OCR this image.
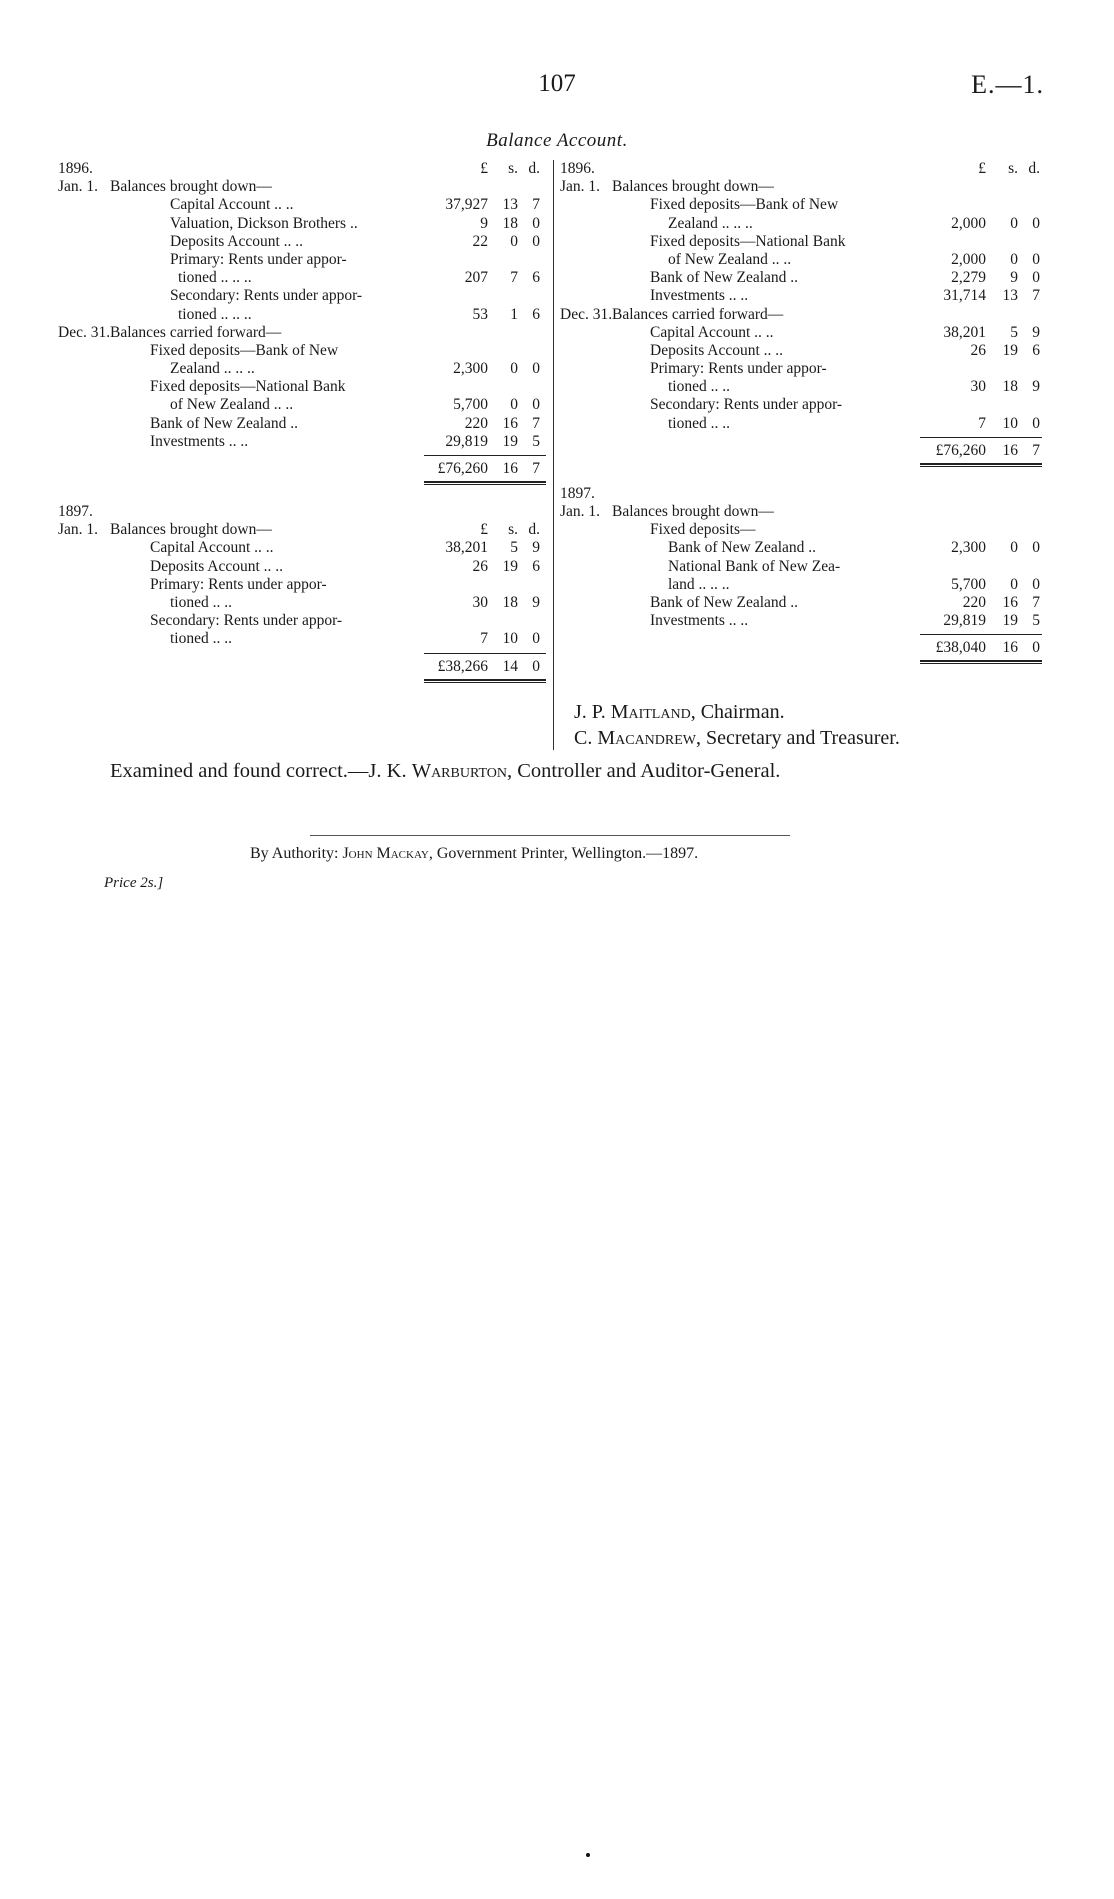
107	E.—1.
Balance Account.
1896.	£	s. d.
Jan. 1. Balances brought down—
Capital Account .. ..	37,927 13 7
Valuation, Dickson Brothers ..	9 18 0
Deposits Account .. ..	22	0 0
Primary: Rents under appor-
tioned .. .. ..	207	7 6
Secondary: Rents under appor-
tioned .. .. ..	53	1 6
Dec. 31. Balances carried forward—
Fixed deposits—Bank of New
Zealand .. .. ..	2,300	0 0
Fixed deposits—National Bank
of New Zealand .. ..	5,700	0 0
Bank of New Zealand ..	220 16 7
Investments .. ..	29,819 19 5
£76,260 16 7
1897.
Jan. 1. Balances brought down—	£	s. d.
Capital Account .. ..	38,201	5 9
Deposits Account .. ..	26 19 6
Primary: Rents under appor-
tioned .. ..	30 18 9
Secondary: Rents under appor-
tioned .. ..	7 10 0
£38,266 14 0
1896.	£	s. d.
Jan. 1. Balances brought down—
Fixed deposits—Bank of New
Zealand .. .. ..	2,000	0 0
Fixed deposits—National Bank
of New Zealand .. ..	2,000	0 0
Bank of New Zealand ..	2,279	9 0
Investments .. ..	31,714	13 7
Dec. 31. Balances carried forward—
Capital Account .. ..	38,201	5 9
Deposits Account .. ..	26	19 6
Primary: Rents under appor-
tioned .. ..	30	18 9
Secondary: Rents under appor-
tioned .. ..	7	10 0
£76,260	16 7
1897.
Jan. 1. Balances brought down—
Fixed deposits—
Bank of New Zealand ..	2,300	0 0
National Bank of New Zea-
land .. .. ..	5,700	0 0
Bank of New Zealand ..	220	16 7
Investments .. ..	29,819	19 5
£38,040	16 0
J. P. Maitland, Chairman.
C. Macandrew, Secretary and Treasurer.
Examined and found correct.—J. K. Warburton, Controller and Auditor-General.
By Authority: John Mackay, Government Printer, Wellington.—1897.
Price 2s.]
